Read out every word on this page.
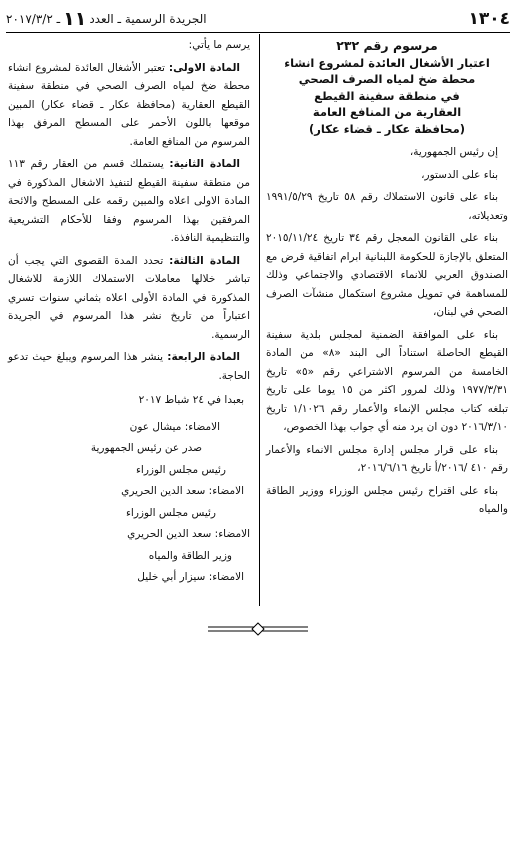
١٣٠٤
الجريدة الرسمية ـ العدد
١١
ـ ٢٠١٧/٣/٢
مرسوم رقم ٢٣٢
اعتبار الأشغال العائدة لمشروع انشاء
محطة ضخ لمياه الصرف الصحي
في منطقة سفينة القيطع
العقارية من المنافع العامة
(محافظة عكار ـ قضاء عكار)

إن رئيس الجمهورية،

بناء على الدستور،

بناء على قانون الاستملاك رقم ٥٨ تاريخ ١٩٩١/٥/٢٩ وتعديلاته،

بناء على القانون المعجل رقم ٣٤ تاريخ ٢٠١٥/١١/٢٤ المتعلق بالإجازة للحكومة اللبنانية ابرام اتفاقية قرض مع الصندوق العربي للانماء الاقتصادي والاجتماعي وذلك للمساهمة في تمويل مشروع استكمال منشآت الصرف الصحي في لبنان،

بناء على الموافقة الضمنية لمجلس بلدية سفينة القيطع الحاصلة استناداً الى البند «٨» من المادة الخامسة من المرسوم الاشتراعي رقم «٥» تاريخ ١٩٧٧/٣/٣١ وذلك لمرور اكثر من ١٥ يوما على تاريخ تبلغه كتاب مجلس الإنماء والأعمار رقم ١/١٠٢٦ تاريخ ٢٠١٦/٣/١٠ دون ان يرد منه أي جواب بهذا الخصوص،

بناء على قرار مجلس إدارة مجلس الانماء والأعمار رقم ٤١٠ /٢٠١٦/أ تاريخ ٢٠١٦/٦/١٦،

بناء على اقتراح رئيس مجلس الوزراء ووزير الطاقة والمياه

يرسم ما يأتي:

المادة الاولى: تعتبر الأشغال العائدة لمشروع انشاء محطة ضخ لمياه الصرف الصحي في منطقة سفينة القيطع العقارية (محافظة عكار ـ قضاء عكار) المبين موقعها باللون الأحمر على المسطح المرفق بهذا المرسوم من المنافع العامة.

المادة الثانية: يستملك قسم من العقار رقم ١١٣ من منطقة سفينة القيطع لتنفيذ الاشغال المذكورة في المادة الاولى اعلاه والمبين رقمه على المسطح والائحة المرفقين بهذا المرسوم وفقا للأحكام التشريعية والتنظيمية النافذة.

المادة الثالثة: تحدد المدة القصوى التي يجب أن تباشر خلالها معاملات الاستملاك اللازمة للاشغال المذكورة في المادة الأولى اعلاه بثماني سنوات تسري اعتباراً من تاريخ نشر هذا المرسوم في الجريدة الرسمية.

المادة الرابعة: ينشر هذا المرسوم ويبلغ حيث تدعو الحاجة.

بعبدا في ٢٤ شباط ٢٠١٧

الامضاء: ميشال عون

صدر عن رئيس الجمهورية

رئيس مجلس الوزراء

الامضاء: سعد الدين الحريري

رئيس مجلس الوزراء

الامضاء: سعد الدين الحريري

وزير الطاقة والمياه

الامضاء: سيزار أبي خليل
